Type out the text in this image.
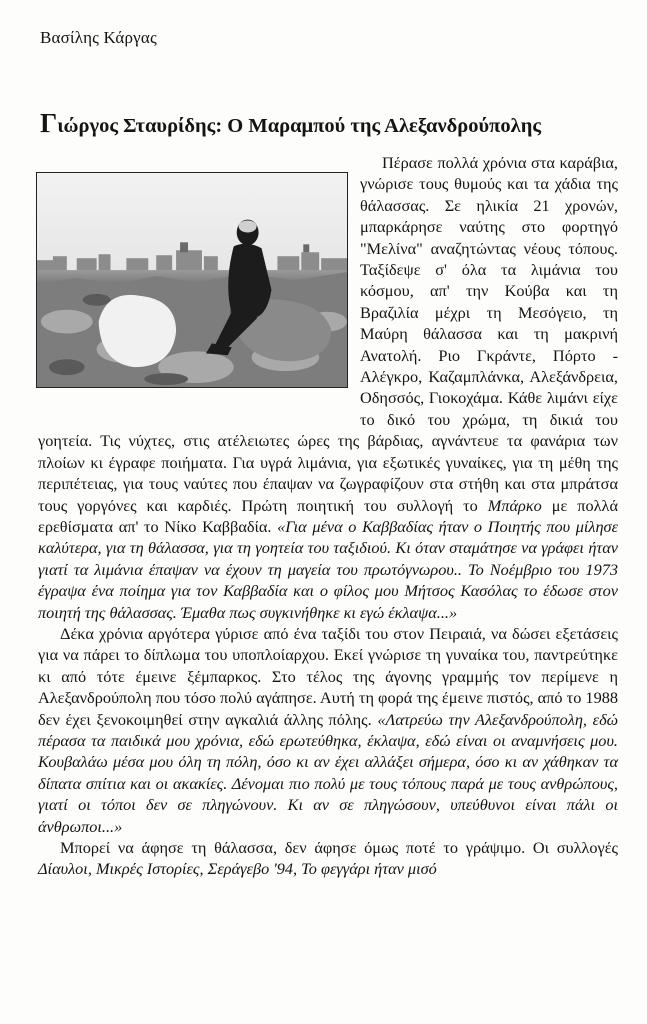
Βασίλης Κάργας
Γιώργος Σταυρίδης: Ο Μαραμπού της Αλεξανδρούπολης

Πέρασε πολλά χρόνια στα καράβια, γνώρισε τους θυμούς και τα χάδια της θάλασσας. Σε ηλικία 21 χρονών, μπαρκάρησε ναύτης στο φορτηγό "Μελίνα" αναζητώντας νέους τόπους. Ταξίδεψε σ' όλα τα λιμάνια του κόσμου, απ' την Κούβα και τη Βραζιλία μέχρι τη Μεσόγειο, τη Μαύρη θάλασσα και τη μακρινή Ανατολή. Ριο Γκράντε, Πόρτο - Αλέγκρο, Καζαμπλάνκα, Αλεξάνδρεια, Οδησσός, Γιοκοχάμα. Κάθε λιμάνι είχε το δικό του χρώμα, τη δικιά του γοητεία. Τις νύχτες, στις ατέλειωτες ώρες της βάρδιας, αγνάντευε τα φανάρια των πλοίων κι έγραφε ποιήματα. Για υγρά λιμάνια, για εξωτικές γυναίκες, για τη μέθη της περιπέτειας, για τους ναύτες που έπαψαν να ζωγραφίζουν στα στήθη και στα μπράτσα τους γοργόνες και καρδιές. Πρώτη ποιητική του συλλογή το Μπάρκο με πολλά ερεθίσματα απ' το Νίκο Καββαδία. «Για μένα ο Καββαδίας ήταν ο Ποιητής που μίλησε καλύτερα, για τη θάλασσα, για τη γοητεία του ταξιδιού. Κι όταν σταμάτησε να γράφει ήταν γιατί τα λιμάνια έπαψαν να έχουν τη μαγεία του πρωτόγνωρου.. Το Νοέμβριο του 1973 έγραψα ένα ποίημα για τον Καββαδία και ο φίλος μου Μήτσος Κασόλας το έδωσε στον ποιητή της θάλασσας. Έμαθα πως συγκινήθηκε κι εγώ έκλαψα...»

Δέκα χρόνια αργότερα γύρισε από ένα ταξίδι του στον Πειραιά, να δώσει εξετάσεις για να πάρει το δίπλωμα του υποπλοίαρχου. Εκεί γνώρισε τη γυναίκα του, παντρεύτηκε κι από τότε έμεινε ξέμπαρκος. Στο τέλος της άγονης γραμμής τον περίμενε η Αλεξανδρούπολη που τόσο πολύ αγάπησε. Αυτή τη φορά της έμεινε πιστός, από το 1988 δεν έχει ξενοκοιμηθεί στην αγκαλιά άλλης πόλης. «Λατρεύω την Αλεξανδρούπολη, εδώ πέρασα τα παιδικά μου χρόνια, εδώ ερωτεύθηκα, έκλαψα, εδώ είναι οι αναμνήσεις μου. Κουβαλάω μέσα μου όλη τη πόλη, όσο κι αν έχει αλλάξει σήμερα, όσο κι αν χάθηκαν τα δίπατα σπίτια και οι ακακίες. Δένομαι πιο πολύ με τους τόπους παρά με τους ανθρώπους, γιατί οι τόποι δεν σε πληγώνουν. Κι αν σε πληγώσουν, υπεύθυνοι είναι πάλι οι άνθρωποι...»

Μπορεί να άφησε τη θάλασσα, δεν άφησε όμως ποτέ το γράψιμο. Οι συλλογές Δίαυλοι, Μικρές Ιστορίες, Σεράγεβο '94, Το φεγγάρι ήταν μισό
